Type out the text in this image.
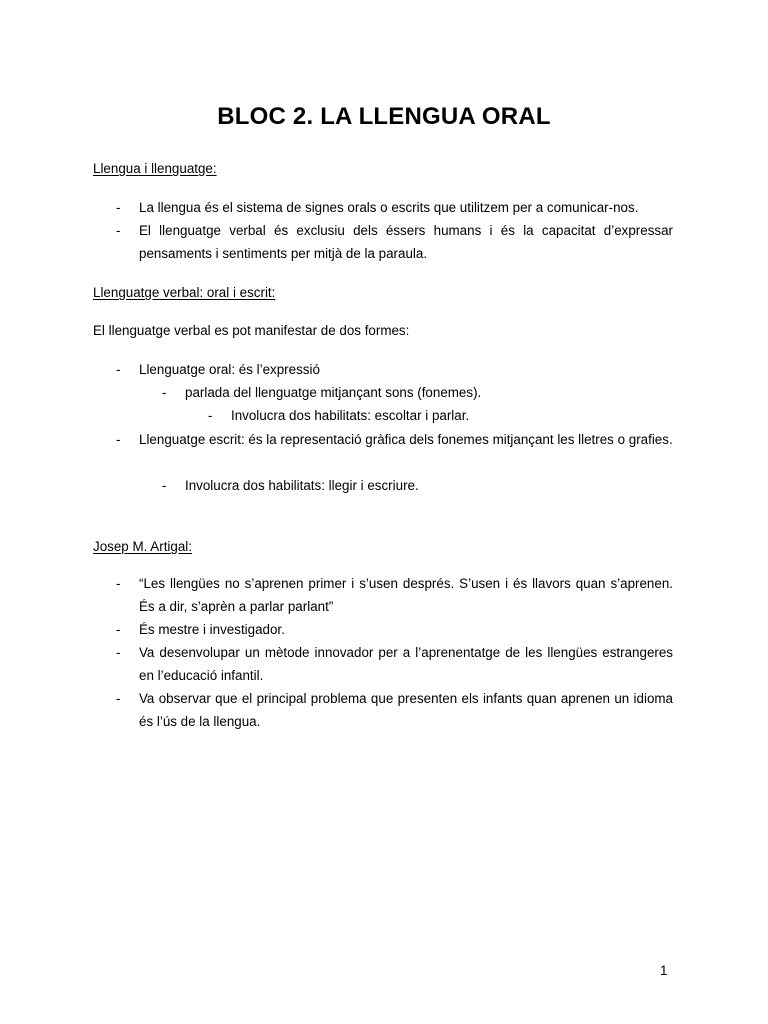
BLOC 2. LA LLENGUA ORAL
Llengua i llenguatge:
- La llengua és el sistema de signes orals o escrits que utilitzem per a comunicar-nos.
- El llenguatge verbal és exclusiu dels éssers humans i és la capacitat d’expressar pensaments i sentiments per mitjà de la paraula.
Llenguatge verbal: oral i escrit:
El llenguatge verbal es pot manifestar de dos formes:
- Llenguatge oral: és l’expressió
- parlada del llenguatge mitjançant sons (fonemes).
- Involucra dos habilitats: escoltar i parlar.
- Llenguatge escrit: és la representació gràfica dels fonemes mitjançant les lletres o grafies.
- Involucra dos habilitats: llegir i escriure.
Josep M. Artigal:
- “Les llengües no s’aprenen primer i s’usen després. S’usen i és llavors quan s’aprenen. És a dir, s’aprèn a parlar parlant”
- És mestre i investigador.
- Va desenvolupar un mètode innovador per a l’aprenentatge de les llengües estrangeres en l’educació infantil.
- Va observar que el principal problema que presenten els infants quan aprenen un idioma és l’ús de la llengua.
1
